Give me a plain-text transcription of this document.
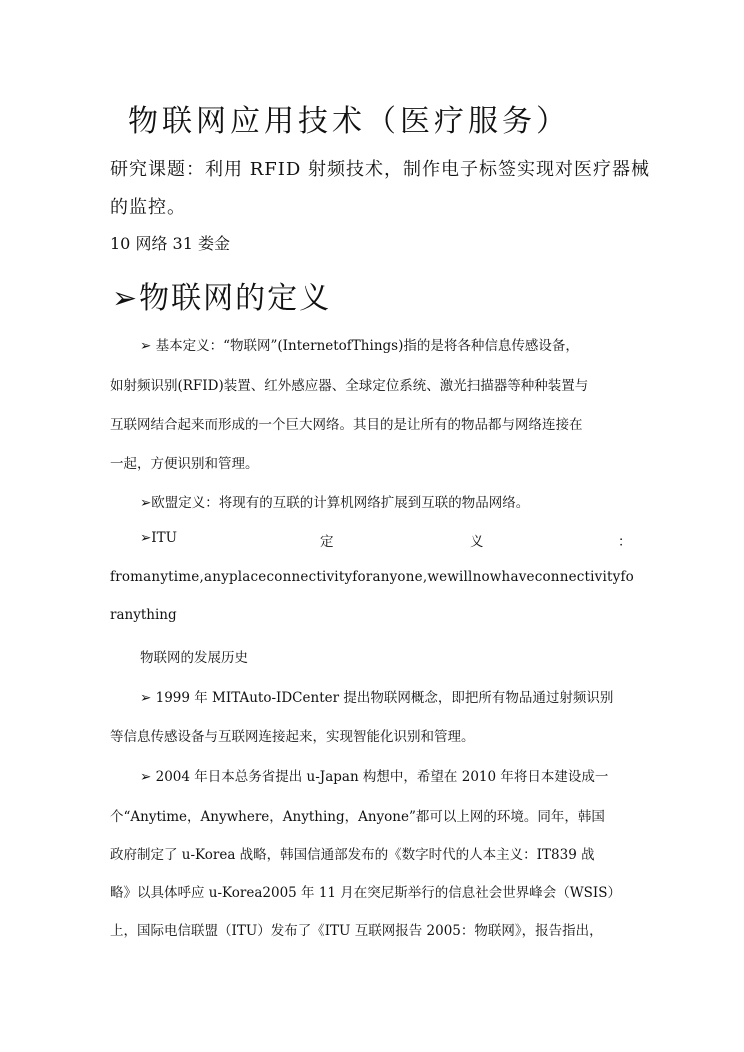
物联网应用技术（医疗服务）
研究课题：利用 RFID 射频技术，制作电子标签实现对医疗器械
的监控。
10 网络 31 娄金
➢物联网的定义
➢ 基本定义：“物联网”(InternetofThings)指的是将各种信息传感设备，
如射频识别(RFID)装置、红外感应器、全球定位系统、激光扫描器等种种装置与
互联网结合起来而形成的一个巨大网络。其目的是让所有的物品都与网络连接在
一起，方便识别和管理。
➢欧盟定义：将现有的互联的计算机网络扩展到互联的物品网络。
➢ITU	定	义	：
fromanytime,anyplaceconnectivityforanyone,wewillnowhaveconnectivityfo
ranything
物联网的发展历史
➢ 1999 年 MITAuto-IDCenter 提出物联网概念，即把所有物品通过射频识别
等信息传感设备与互联网连接起来，实现智能化识别和管理。
➢ 2004 年日本总务省提出 u-Japan 构想中，希望在 2010 年将日本建设成一
个“Anytime，Anywhere，Anything，Anyone”都可以上网的环境。同年，韩国
政府制定了 u-Korea 战略，韩国信通部发布的《数字时代的人本主义：IT839 战
略》以具体呼应 u-Korea2005 年 11 月在突尼斯举行的信息社会世界峰会（WSIS）
上，国际电信联盟（ITU）发布了《ITU 互联网报告 2005：物联网》，报告指出，
